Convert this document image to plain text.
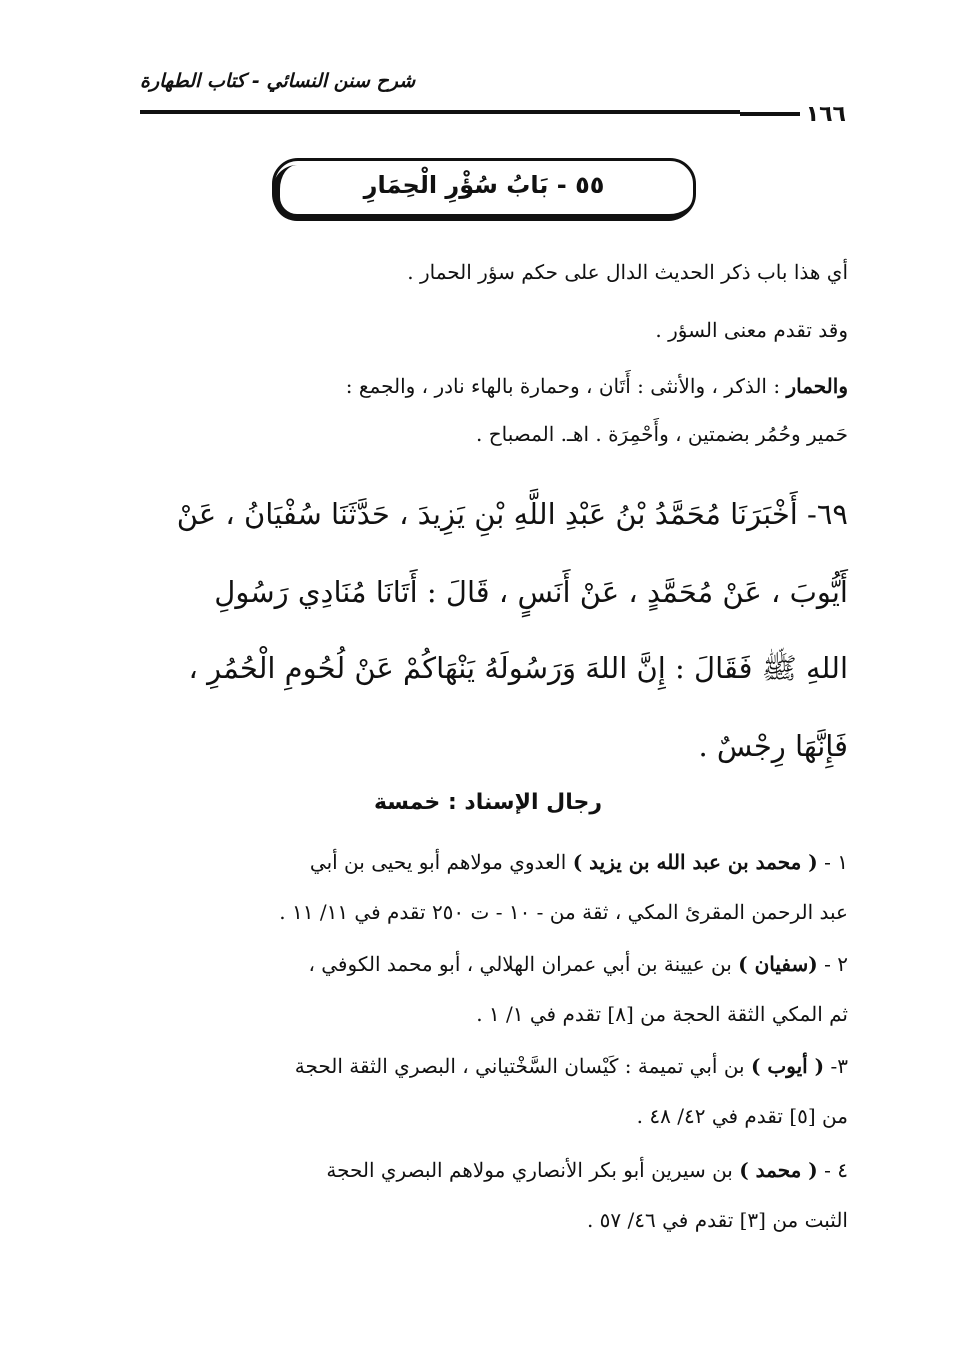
شرح سنن النسائي - كتاب الطهارة
١٦٦
٥٥ - بَابُ سُؤْرِ الْحِمَارِ
أي هذا باب ذكر الحديث الدال على حكم سؤر الحمار .
وقد تقدم معنى السؤر .
والحمار : الذكر ، والأنثى : أَتَان ، وحمارة بالهاء نادر ، والجمع :
حَمير وحُمُر بضمتين ، وأَحْمِرَة . اهـ. المصباح .
٦٩- أَخْبَرَنَا مُحَمَّدُ بْنُ عَبْدِ اللَّهِ بْنِ يَزِيدَ ، حَدَّثَنَا سُفْيَانُ ، عَنْ
أَيُّوبَ ، عَنْ مُحَمَّدٍ ، عَنْ أَنَسٍ ، قَالَ : أَتَانَا مُنَادِي رَسُولِ
اللهِ ﷺ فَقَالَ : إِنَّ اللهَ وَرَسُولَهُ يَنْهَاكُمْ عَنْ لُحُومِ الْحُمُرِ ،
فَإِنَّهَا رِجْسٌ .
رجال الإسناد : خمسة
١ - ( محمد بن عبد الله بن يزيد ) العدوي مولاهم أبو يحيى بن أبي
عبد الرحمن المقرئ المكي ، ثقة من - ١٠ - ت ٢٥٠ تقدم في ١١/ ١١ .
٢ - (سفيان ) بن عيينة بن أبي عمران الهلالي ، أبو محمد الكوفي ،
ثم المكي الثقة الحجة من [٨] تقدم في ١/ ١ .
٣- ( أيوب ) بن أبي تميمة : كَيْسان السَّخْتياني ، البصري الثقة الحجة
من [٥] تقدم في ٤٢/ ٤٨ .
٤ - ( محمد ) بن سيرين أبو بكر الأنصاري مولاهم البصري الحجة
الثبت من [٣] تقدم في ٤٦/ ٥٧ .
